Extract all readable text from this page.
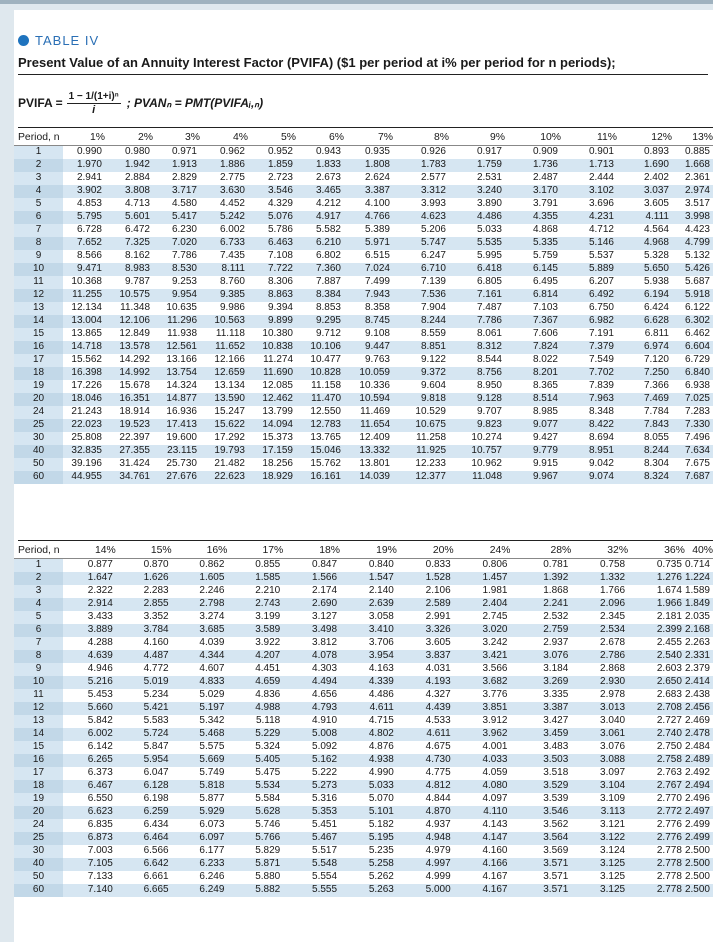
TABLE IV
Present Value of an Annuity Interest Factor (PVIFA) ($1 per period at i% per period for n periods);
PVIFA = $\frac{\text{1 − 1/(1+i)ⁿ}}{i}$ ; PVANₙ = PMT(PVIFAᵢ,ₙ)
Period, n	1%	2%	3%	4%	5%	6%	7%	8%	9%	10%	11%	12%	13%
1	0.990	0.980	0.971	0.962	0.952	0.943	0.935	0.926	0.917	0.909	0.901	0.893	0.885
2	1.970	1.942	1.913	1.886	1.859	1.833	1.808	1.783	1.759	1.736	1.713	1.690	1.668
3	2.941	2.884	2.829	2.775	2.723	2.673	2.624	2.577	2.531	2.487	2.444	2.402	2.361
4	3.902	3.808	3.717	3.630	3.546	3.465	3.387	3.312	3.240	3.170	3.102	3.037	2.974
5	4.853	4.713	4.580	4.452	4.329	4.212	4.100	3.993	3.890	3.791	3.696	3.605	3.517
6	5.795	5.601	5.417	5.242	5.076	4.917	4.766	4.623	4.486	4.355	4.231	4.111	3.998
7	6.728	6.472	6.230	6.002	5.786	5.582	5.389	5.206	5.033	4.868	4.712	4.564	4.423
8	7.652	7.325	7.020	6.733	6.463	6.210	5.971	5.747	5.535	5.335	5.146	4.968	4.799
9	8.566	8.162	7.786	7.435	7.108	6.802	6.515	6.247	5.995	5.759	5.537	5.328	5.132
10	9.471	8.983	8.530	8.111	7.722	7.360	7.024	6.710	6.418	6.145	5.889	5.650	5.426
11	10.368	9.787	9.253	8.760	8.306	7.887	7.499	7.139	6.805	6.495	6.207	5.938	5.687
12	11.255	10.575	9.954	9.385	8.863	8.384	7.943	7.536	7.161	6.814	6.492	6.194	5.918
13	12.134	11.348	10.635	9.986	9.394	8.853	8.358	7.904	7.487	7.103	6.750	6.424	6.122
14	13.004	12.106	11.296	10.563	9.899	9.295	8.745	8.244	7.786	7.367	6.982	6.628	6.302
15	13.865	12.849	11.938	11.118	10.380	9.712	9.108	8.559	8.061	7.606	7.191	6.811	6.462
16	14.718	13.578	12.561	11.652	10.838	10.106	9.447	8.851	8.312	7.824	7.379	6.974	6.604
17	15.562	14.292	13.166	12.166	11.274	10.477	9.763	9.122	8.544	8.022	7.549	7.120	6.729
18	16.398	14.992	13.754	12.659	11.690	10.828	10.059	9.372	8.756	8.201	7.702	7.250	6.840
19	17.226	15.678	14.324	13.134	12.085	11.158	10.336	9.604	8.950	8.365	7.839	7.366	6.938
20	18.046	16.351	14.877	13.590	12.462	11.470	10.594	9.818	9.128	8.514	7.963	7.469	7.025
24	21.243	18.914	16.936	15.247	13.799	12.550	11.469	10.529	9.707	8.985	8.348	7.784	7.283
25	22.023	19.523	17.413	15.622	14.094	12.783	11.654	10.675	9.823	9.077	8.422	7.843	7.330
30	25.808	22.397	19.600	17.292	15.373	13.765	12.409	11.258	10.274	9.427	8.694	8.055	7.496
40	32.835	27.355	23.115	19.793	17.159	15.046	13.332	11.925	10.757	9.779	8.951	8.244	7.634
50	39.196	31.424	25.730	21.482	18.256	15.762	13.801	12.233	10.962	9.915	9.042	8.304	7.675
60	44.955	34.761	27.676	22.623	18.929	16.161	14.039	12.377	11.048	9.967	9.074	8.324	7.687
Period, n	14%	15%	16%	17%	18%	19%	20%	24%	28%	32%	36%	40%
1	0.877	0.870	0.862	0.855	0.847	0.840	0.833	0.806	0.781	0.758	0.735	0.714
2	1.647	1.626	1.605	1.585	1.566	1.547	1.528	1.457	1.392	1.332	1.276	1.224
3	2.322	2.283	2.246	2.210	2.174	2.140	2.106	1.981	1.868	1.766	1.674	1.589
4	2.914	2.855	2.798	2.743	2.690	2.639	2.589	2.404	2.241	2.096	1.966	1.849
5	3.433	3.352	3.274	3.199	3.127	3.058	2.991	2.745	2.532	2.345	2.181	2.035
6	3.889	3.784	3.685	3.589	3.498	3.410	3.326	3.020	2.759	2.534	2.399	2.168
7	4.288	4.160	4.039	3.922	3.812	3.706	3.605	3.242	2.937	2.678	2.455	2.263
8	4.639	4.487	4.344	4.207	4.078	3.954	3.837	3.421	3.076	2.786	2.540	2.331
9	4.946	4.772	4.607	4.451	4.303	4.163	4.031	3.566	3.184	2.868	2.603	2.379
10	5.216	5.019	4.833	4.659	4.494	4.339	4.193	3.682	3.269	2.930	2.650	2.414
11	5.453	5.234	5.029	4.836	4.656	4.486	4.327	3.776	3.335	2.978	2.683	2.438
12	5.660	5.421	5.197	4.988	4.793	4.611	4.439	3.851	3.387	3.013	2.708	2.456
13	5.842	5.583	5.342	5.118	4.910	4.715	4.533	3.912	3.427	3.040	2.727	2.469
14	6.002	5.724	5.468	5.229	5.008	4.802	4.611	3.962	3.459	3.061	2.740	2.478
15	6.142	5.847	5.575	5.324	5.092	4.876	4.675	4.001	3.483	3.076	2.750	2.484
16	6.265	5.954	5.669	5.405	5.162	4.938	4.730	4.033	3.503	3.088	2.758	2.489
17	6.373	6.047	5.749	5.475	5.222	4.990	4.775	4.059	3.518	3.097	2.763	2.492
18	6.467	6.128	5.818	5.534	5.273	5.033	4.812	4.080	3.529	3.104	2.767	2.494
19	6.550	6.198	5.877	5.584	5.316	5.070	4.844	4.097	3.539	3.109	2.770	2.496
20	6.623	6.259	5.929	5.628	5.353	5.101	4.870	4.110	3.546	3.113	2.772	2.497
24	6.835	6.434	6.073	5.746	5.451	5.182	4.937	4.143	3.562	3.121	2.776	2.499
25	6.873	6.464	6.097	5.766	5.467	5.195	4.948	4.147	3.564	3.122	2.776	2.499
30	7.003	6.566	6.177	5.829	5.517	5.235	4.979	4.160	3.569	3.124	2.778	2.500
40	7.105	6.642	6.233	5.871	5.548	5.258	4.997	4.166	3.571	3.125	2.778	2.500
50	7.133	6.661	6.246	5.880	5.554	5.262	4.999	4.167	3.571	3.125	2.778	2.500
60	7.140	6.665	6.249	5.882	5.555	5.263	5.000	4.167	3.571	3.125	2.778	2.500
